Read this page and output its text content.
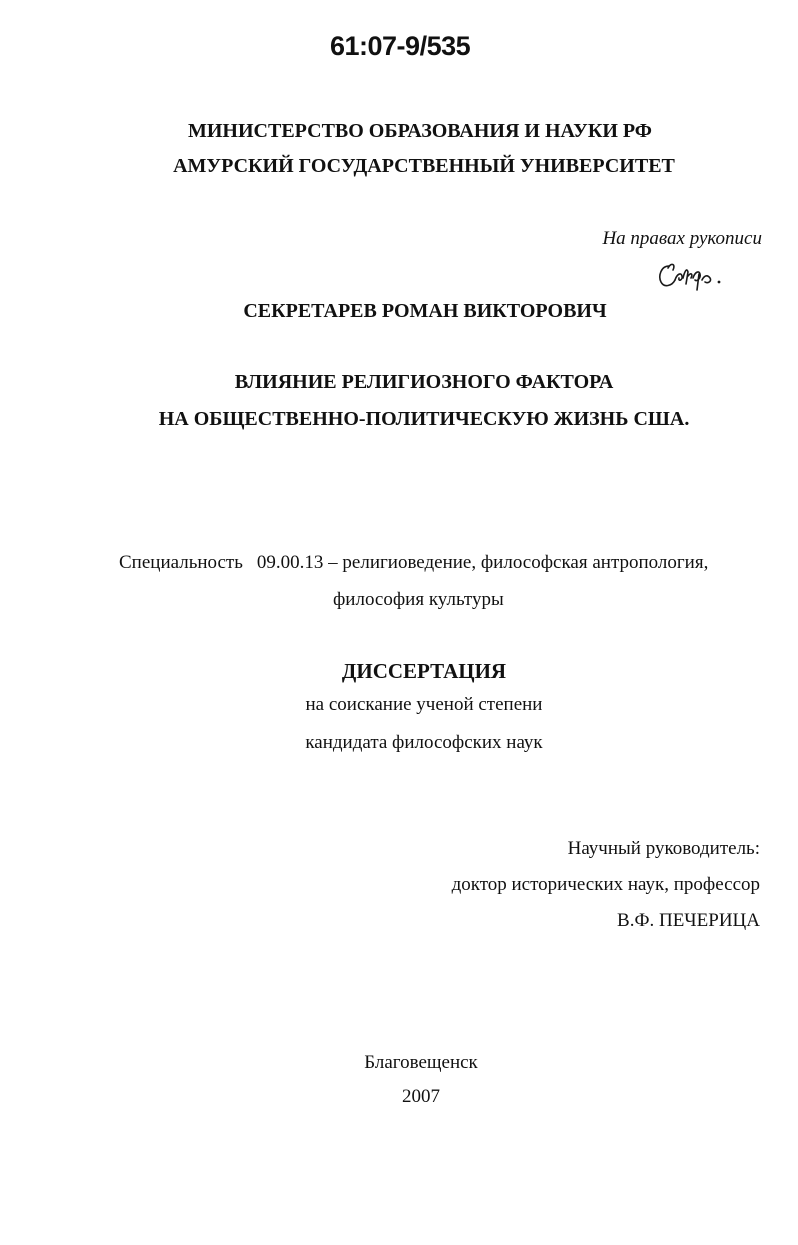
61:07-9/535
МИНИСТЕРСТВО ОБРАЗОВАНИЯ И НАУКИ РФ
АМУРСКИЙ ГОСУДАРСТВЕННЫЙ УНИВЕРСИТЕТ
На правах рукописи
СЕКРЕТАРЕВ РОМАН ВИКТОРОВИЧ
ВЛИЯНИЕ РЕЛИГИОЗНОГО ФАКТОРА
НА ОБЩЕСТВЕННО-ПОЛИТИЧЕСКУЮ ЖИЗНЬ США.
Специальность 09.00.13 – религиоведение, философская антропология,
философия культуры
ДИССЕРТАЦИЯ
на соискание ученой степени
кандидата философских наук
Научный руководитель:
доктор исторических наук, профессор
В.Ф. ПЕЧЕРИЦА
Благовещенск
2007
